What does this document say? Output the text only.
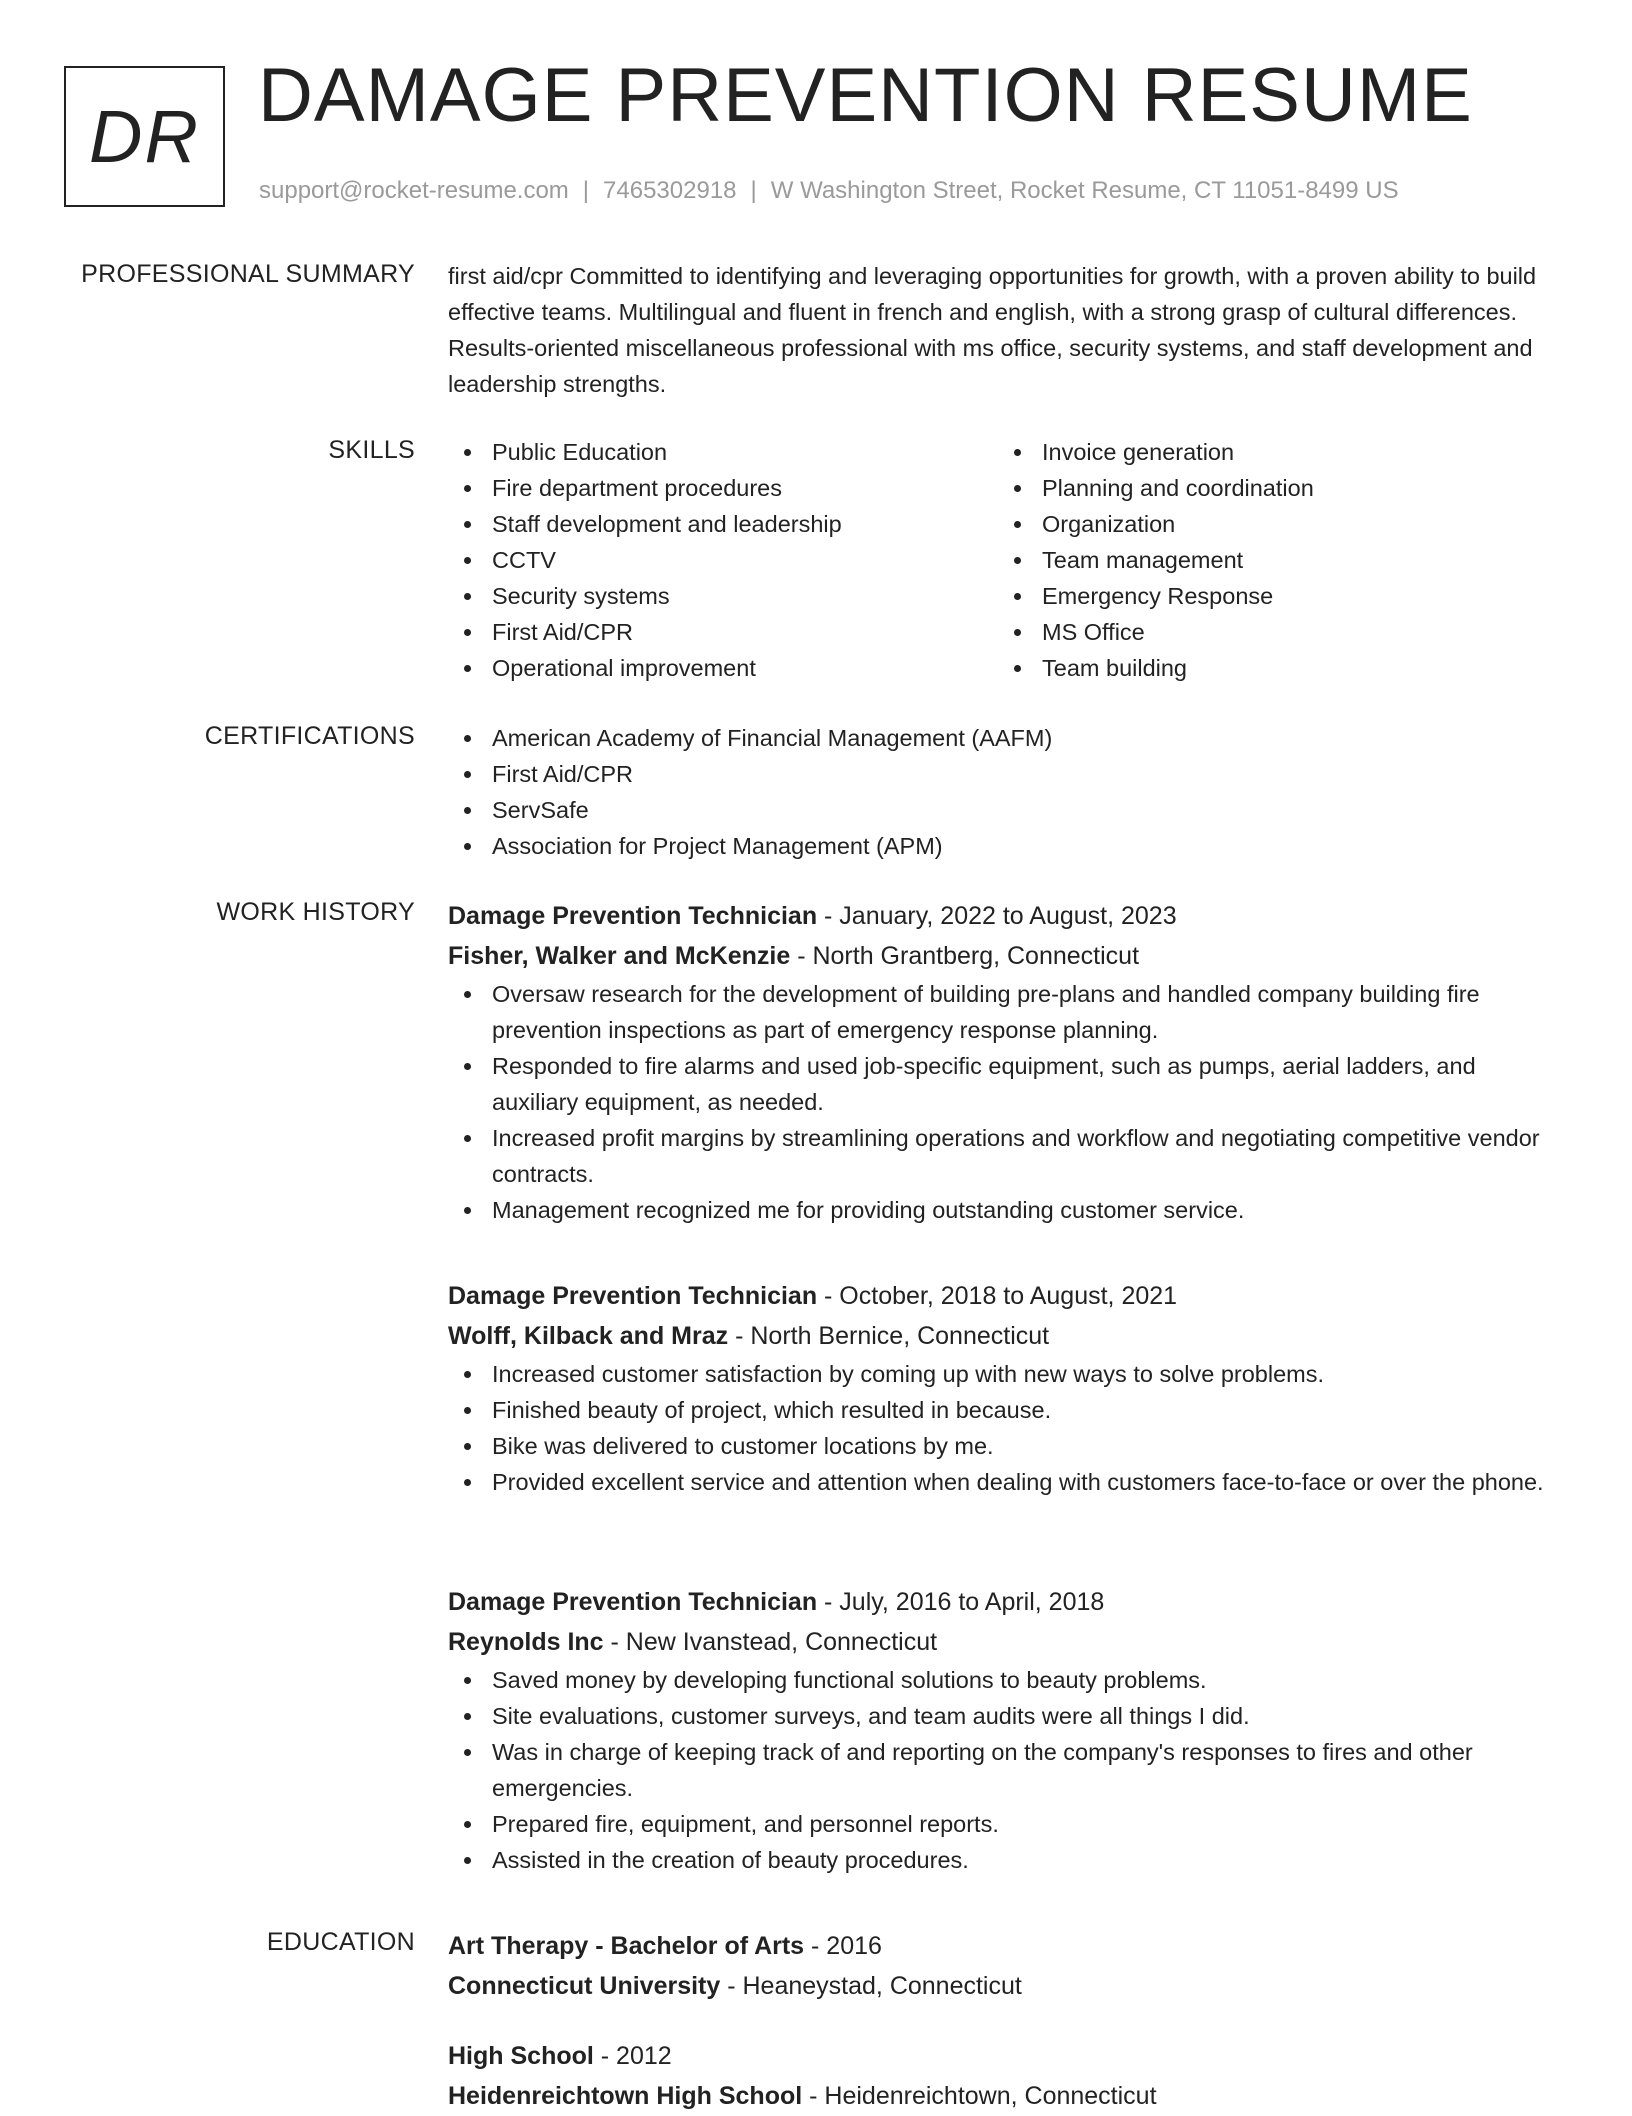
DR DAMAGE PREVENTION RESUME
support@rocket-resume.com | 7465302918 | W Washington Street, Rocket Resume, CT 11051-8499 US
PROFESSIONAL SUMMARY first aid/cpr Committed to identifying and leveraging opportunities for growth, with a proven ability to build effective teams. Multilingual and fluent in french and english, with a strong grasp of cultural differences. Results-oriented miscellaneous professional with ms office, security systems, and staff development and leadership strengths.

SKILLS	Public Education
Fire department procedures
Staff development and leadership
CCTV
Security systems
First Aid/CPR
Operational improvement
Invoice generation
Planning and coordination
Organization
Team management
Emergency Response
MS Office
Team building
CERTIFICATIONS	American Academy of Financial Management (AAFM)
First Aid/CPR
ServSafe
Association for Project Management (APM)
WORK HISTORY Damage Prevention Technician - January, 2022 to August, 2023
Fisher, Walker and McKenzie - North Grantberg, Connecticut
Oversaw research for the development of building pre-plans and handled company building fire prevention inspections as part of emergency response planning.
Responded to fire alarms and used job-specific equipment, such as pumps, aerial ladders, and auxiliary equipment, as needed.
Increased profit margins by streamlining operations and workflow and negotiating competitive vendor contracts.
Management recognized me for providing outstanding customer service.
Damage Prevention Technician - October, 2018 to August, 2021
Wolff, Kilback and Mraz - North Bernice, Connecticut
Increased customer satisfaction by coming up with new ways to solve problems.
Finished beauty of project, which resulted in because.
Bike was delivered to customer locations by me.
Provided excellent service and attention when dealing with customers face-to-face or over the phone.
Damage Prevention Technician - July, 2016 to April, 2018
Reynolds Inc - New Ivanstead, Connecticut
Saved money by developing functional solutions to beauty problems.
Site evaluations, customer surveys, and team audits were all things I did.
Was in charge of keeping track of and reporting on the company's responses to fires and other emergencies.
Prepared fire, equipment, and personnel reports.
Assisted in the creation of beauty procedures.
EDUCATION Art Therapy - Bachelor of Arts - 2016
Connecticut University - Heaneystad, Connecticut
High School - 2012
Heidenreichtown High School - Heidenreichtown, Connecticut
